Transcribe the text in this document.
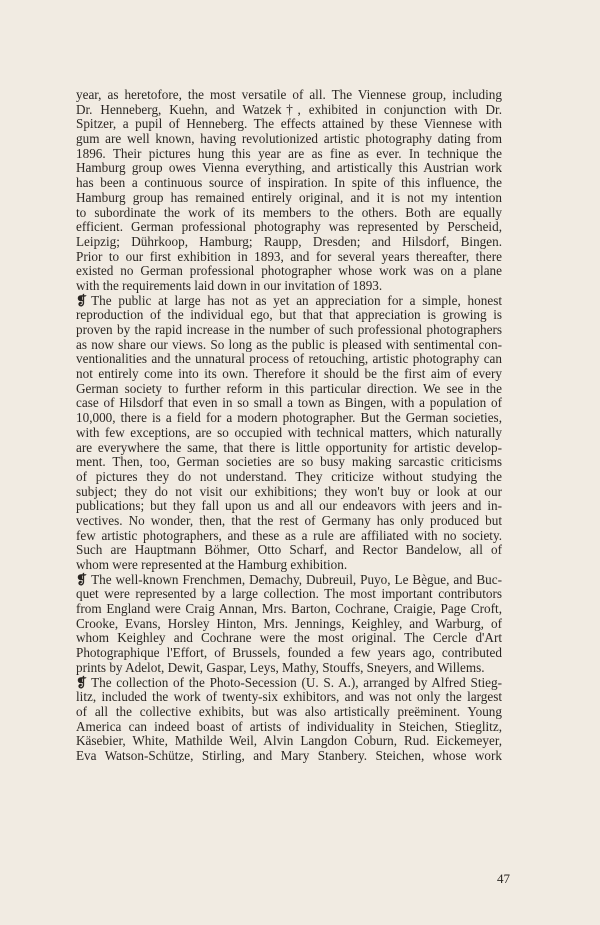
year, as heretofore, the most versatile of all. The Viennese group, including
Dr. Henneberg, Kuehn, and Watzek†, exhibited in conjunction with Dr.
Spitzer, a pupil of Henneberg. The effects attained by these Viennese with
gum are well known, having revolutionized artistic photography dating from
1896. Their pictures hung this year are as fine as ever. In technique the
Hamburg group owes Vienna everything, and artistically this Austrian work
has been a continuous source of inspiration. In spite of this influence, the
Hamburg group has remained entirely original, and it is not my intention
to subordinate the work of its members to the others. Both are equally
efficient. German professional photography was represented by Perscheid,
Leipzig; Dührkoop, Hamburg; Raupp, Dresden; and Hilsdorf, Bingen.
Prior to our first exhibition in 1893, and for several years thereafter, there
existed no German professional photographer whose work was on a plane
with the requirements laid down in our invitation of 1893.
❡ The public at large has not as yet an appreciation for a simple, honest
reproduction of the individual ego, but that that appreciation is growing is
proven by the rapid increase in the number of such professional photographers
as now share our views. So long as the public is pleased with sentimental con-
ventionalities and the unnatural process of retouching, artistic photography can
not entirely come into its own. Therefore it should be the first aim of every
German society to further reform in this particular direction. We see in the
case of Hilsdorf that even in so small a town as Bingen, with a population of
10,000, there is a field for a modern photographer. But the German societies,
with few exceptions, are so occupied with technical matters, which naturally
are everywhere the same, that there is little opportunity for artistic develop-
ment. Then, too, German societies are so busy making sarcastic criticisms
of pictures they do not understand. They criticize without studying the
subject; they do not visit our exhibitions; they won't buy or look at our
publications; but they fall upon us and all our endeavors with jeers and in-
vectives. No wonder, then, that the rest of Germany has only produced but
few artistic photographers, and these as a rule are affiliated with no society.
Such are Hauptmann Böhmer, Otto Scharf, and Rector Bandelow, all of
whom were represented at the Hamburg exhibition.
❡ The well-known Frenchmen, Demachy, Dubreuil, Puyo, Le Bègue, and Buc-
quet were represented by a large collection. The most important contributors
from England were Craig Annan, Mrs. Barton, Cochrane, Craigie, Page Croft,
Crooke, Evans, Horsley Hinton, Mrs. Jennings, Keighley, and Warburg, of
whom Keighley and Cochrane were the most original. The Cercle d'Art
Photographique l'Effort, of Brussels, founded a few years ago, contributed
prints by Adelot, Dewit, Gaspar, Leys, Mathy, Stouffs, Sneyers, and Willems.
❡ The collection of the Photo-Secession (U. S. A.), arranged by Alfred Stieg-
litz, included the work of twenty-six exhibitors, and was not only the largest
of all the collective exhibits, but was also artistically preëminent. Young
America can indeed boast of artists of individuality in Steichen, Stieglitz,
Käsebier, White, Mathilde Weil, Alvin Langdon Coburn, Rud. Eickemeyer,
Eva Watson-Schütze, Stirling, and Mary Stanbery. Steichen, whose work
47
